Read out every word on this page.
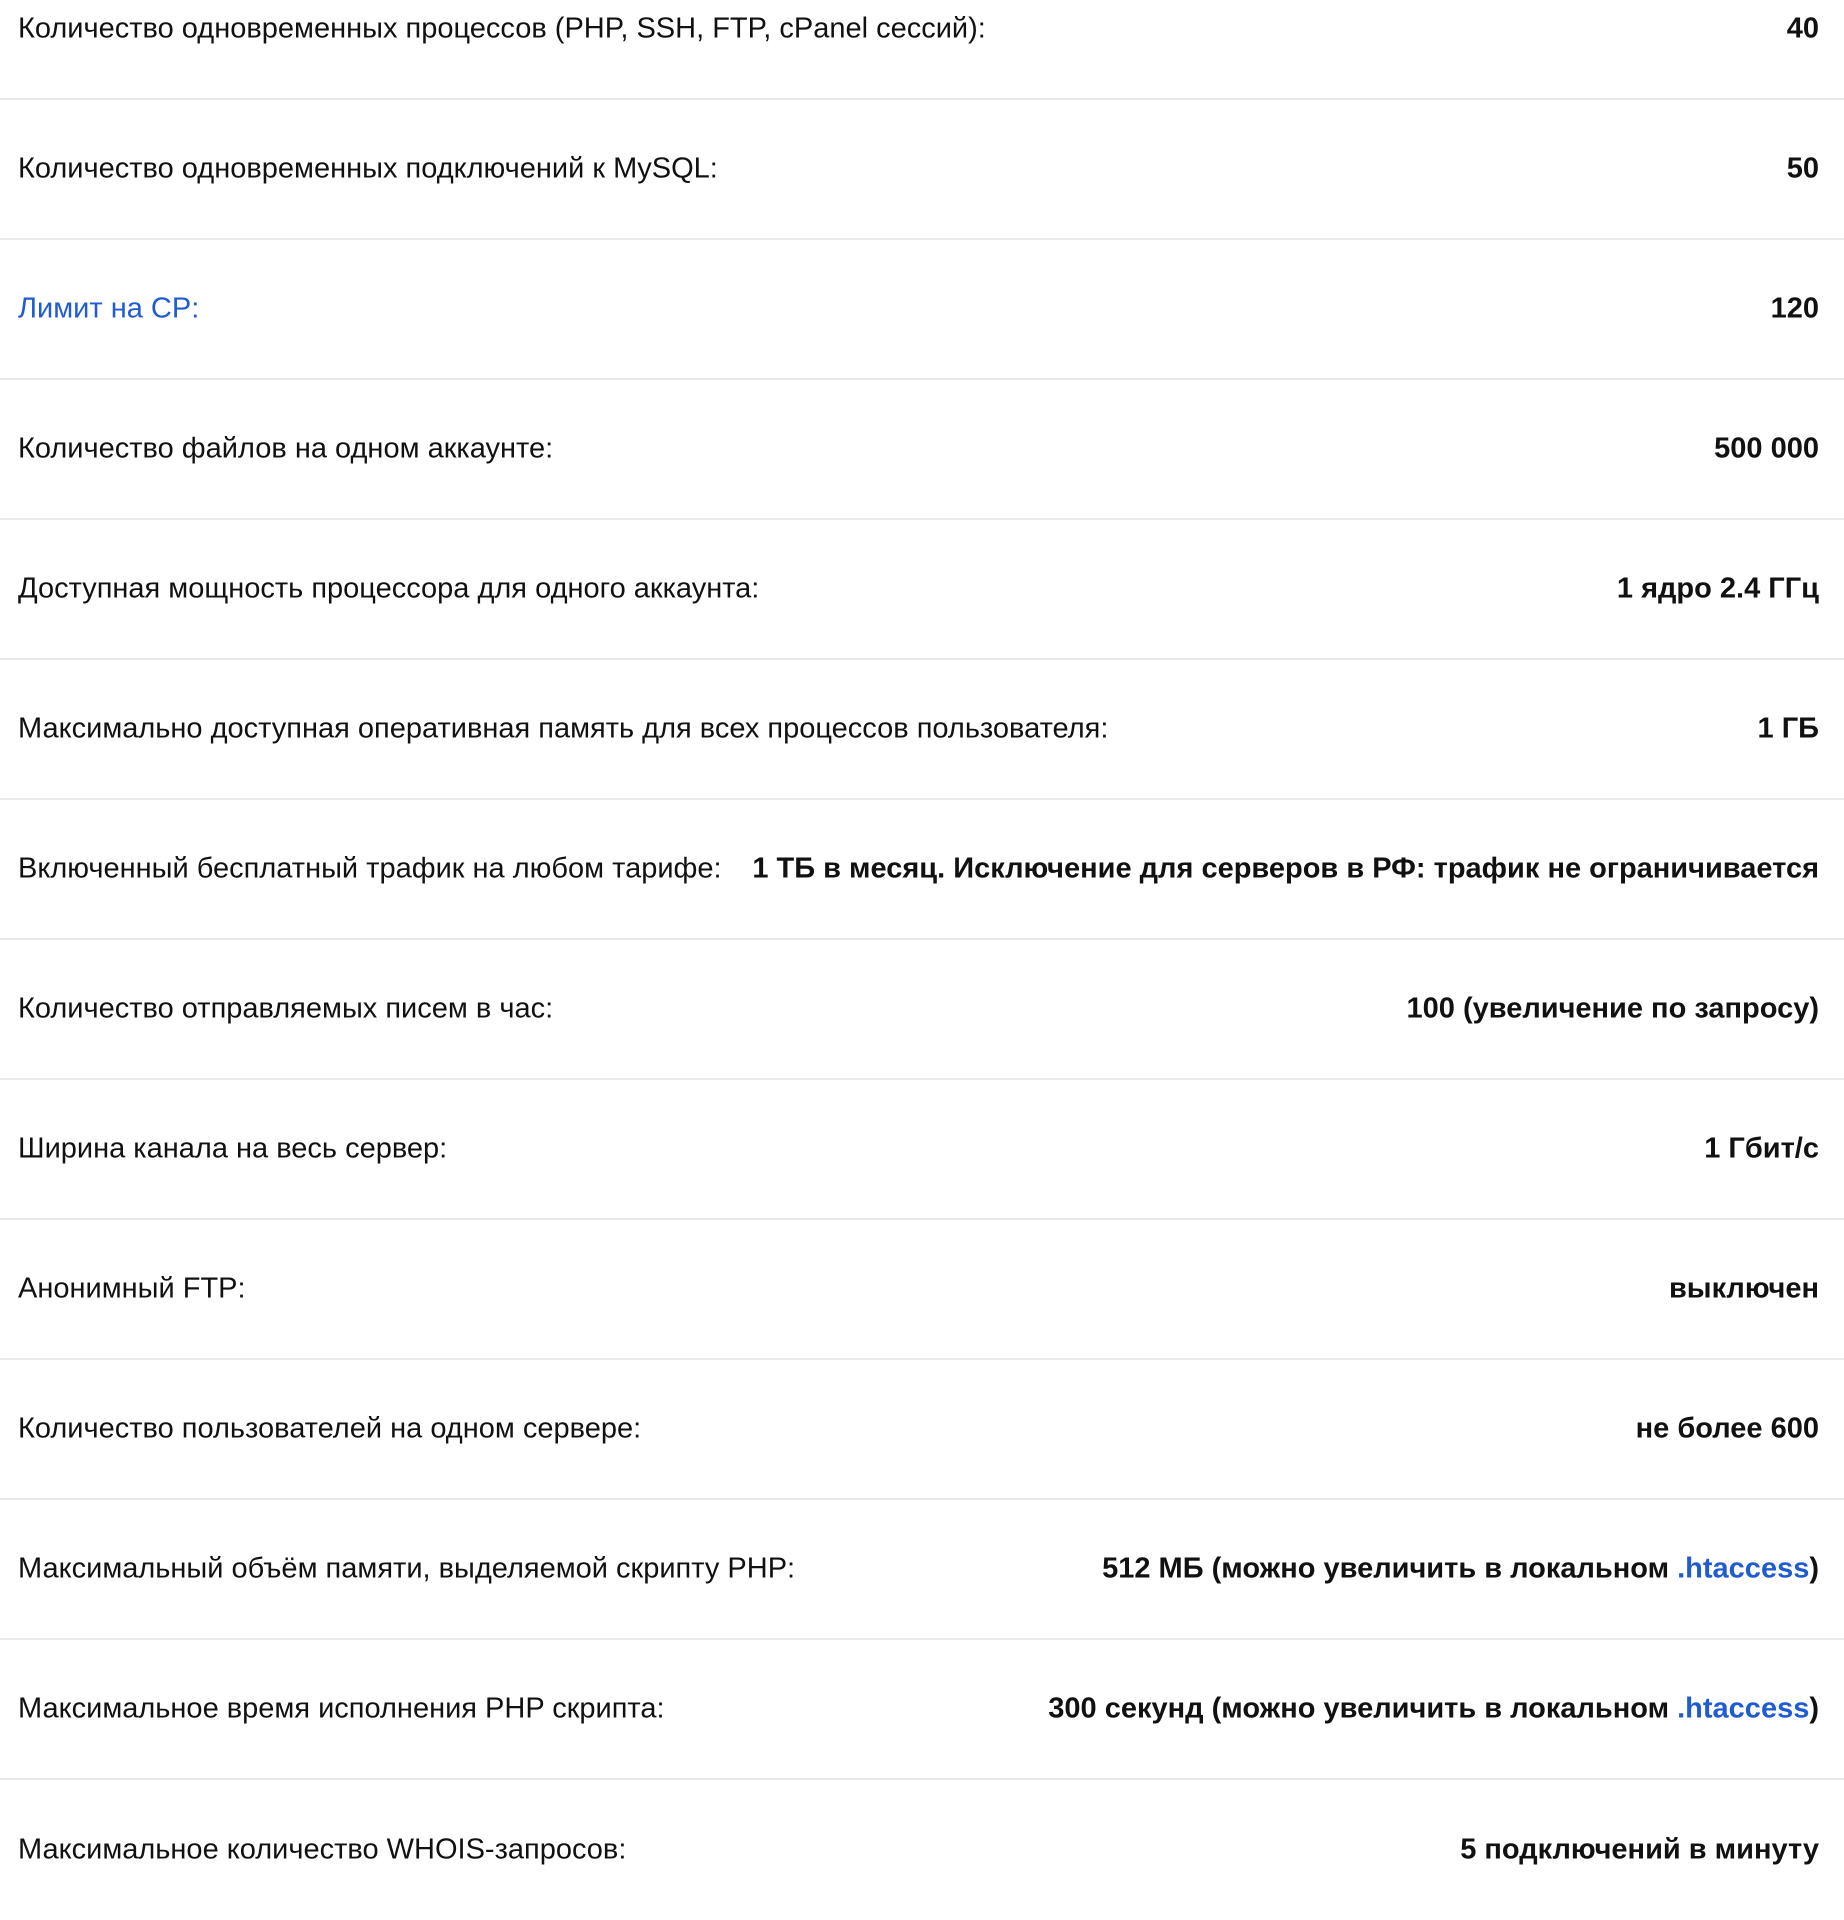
Количество одновременных процессов (PHP, SSH, FTP, cPanel сессий):	40
Количество одновременных подключений к MySQL:	50
Лимит на CP:	120
Количество файлов на одном аккаунте:	500 000
Доступная мощность процессора для одного аккаунта:	1 ядро 2.4 ГГц
Максимально доступная оперативная память для всех процессов пользователя:	1 ГБ
Включенный бесплатный трафик на любом тарифе: 1 ТБ в месяц. Исключение для серверов в РФ: трафик не ограничивается
Количество отправляемых писем в час:	100 (увеличение по запросу)
Ширина канала на весь сервер:	1 Гбит/с
Анонимный FTP:	выключен
Количество пользователей на одном сервере:	не более 600
Максимальный объём памяти, выделяемой скрипту PHP:	512 МБ (можно увеличить в локальном .htaccess)
Максимальное время исполнения PHP скрипта:	300 секунд (можно увеличить в локальном .htaccess)
Максимальное количество WHOIS-запросов:	5 подключений в минуту
